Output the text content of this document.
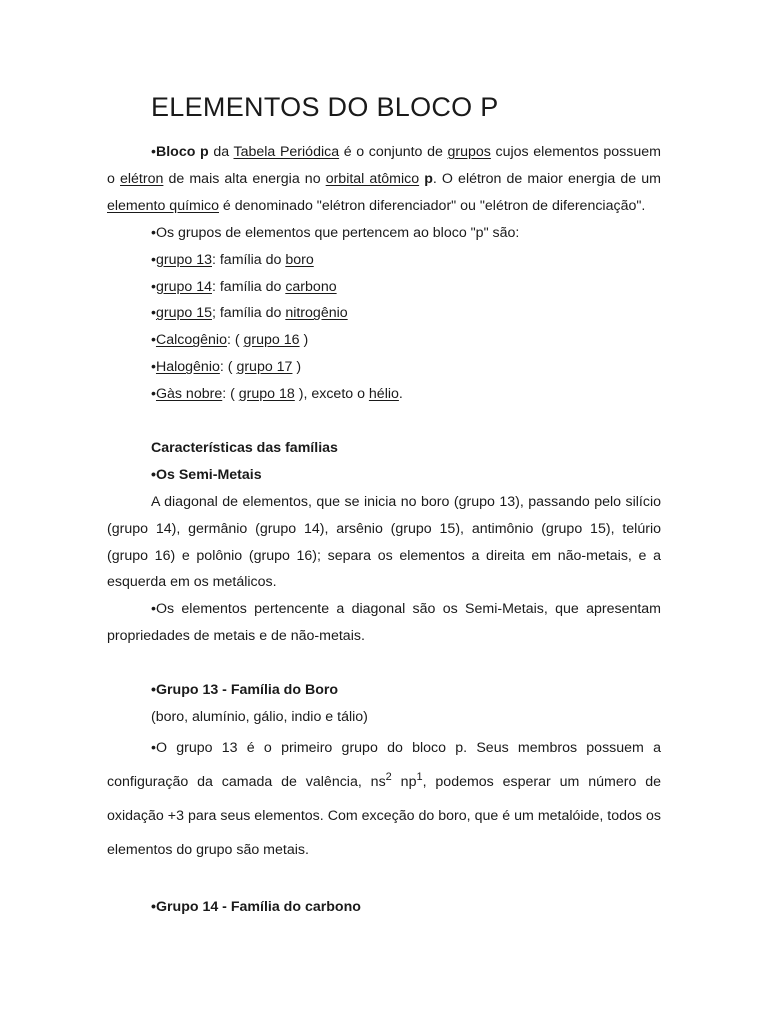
ELEMENTOS DO BLOCO P

•Bloco p da Tabela Periódica é o conjunto de grupos cujos elementos possuem o elétron de mais alta energia no orbital atômico p. O elétron de maior energia de um elemento químico é denominado "elétron diferenciador" ou "elétron de diferenciação".

•Os grupos de elementos que pertencem ao bloco "p" são:

•grupo 13: família do boro

•grupo 14: família do carbono

•grupo 15; família do nitrogênio

•Calcogênio: ( grupo 16 )

•Halogênio: ( grupo 17 )

•Gàs nobre: ( grupo 18 ), exceto o hélio.

Características das famílias

•Os Semi-Metais

A diagonal de elementos, que se inicia no boro (grupo 13), passando pelo silício (grupo 14), germânio (grupo 14), arsênio (grupo 15), antimônio (grupo 15), telúrio (grupo 16) e polônio (grupo 16); separa os elementos a direita em não-metais, e a esquerda em os metálicos.

•Os elementos pertencente a diagonal são os Semi-Metais, que apresentam propriedades de metais e de não-metais.

•Grupo 13 - Família do Boro

(boro, alumínio, gálio, indio e tálio)

•O grupo 13 é o primeiro grupo do bloco p. Seus membros possuem a configuração da camada de valência, $ns^2$ $np^1$, podemos esperar um número de oxidação +3 para seus elementos. Com exceção do boro, que é um metalóide, todos os elementos do grupo são metais.

•Grupo 14 - Família do carbono
